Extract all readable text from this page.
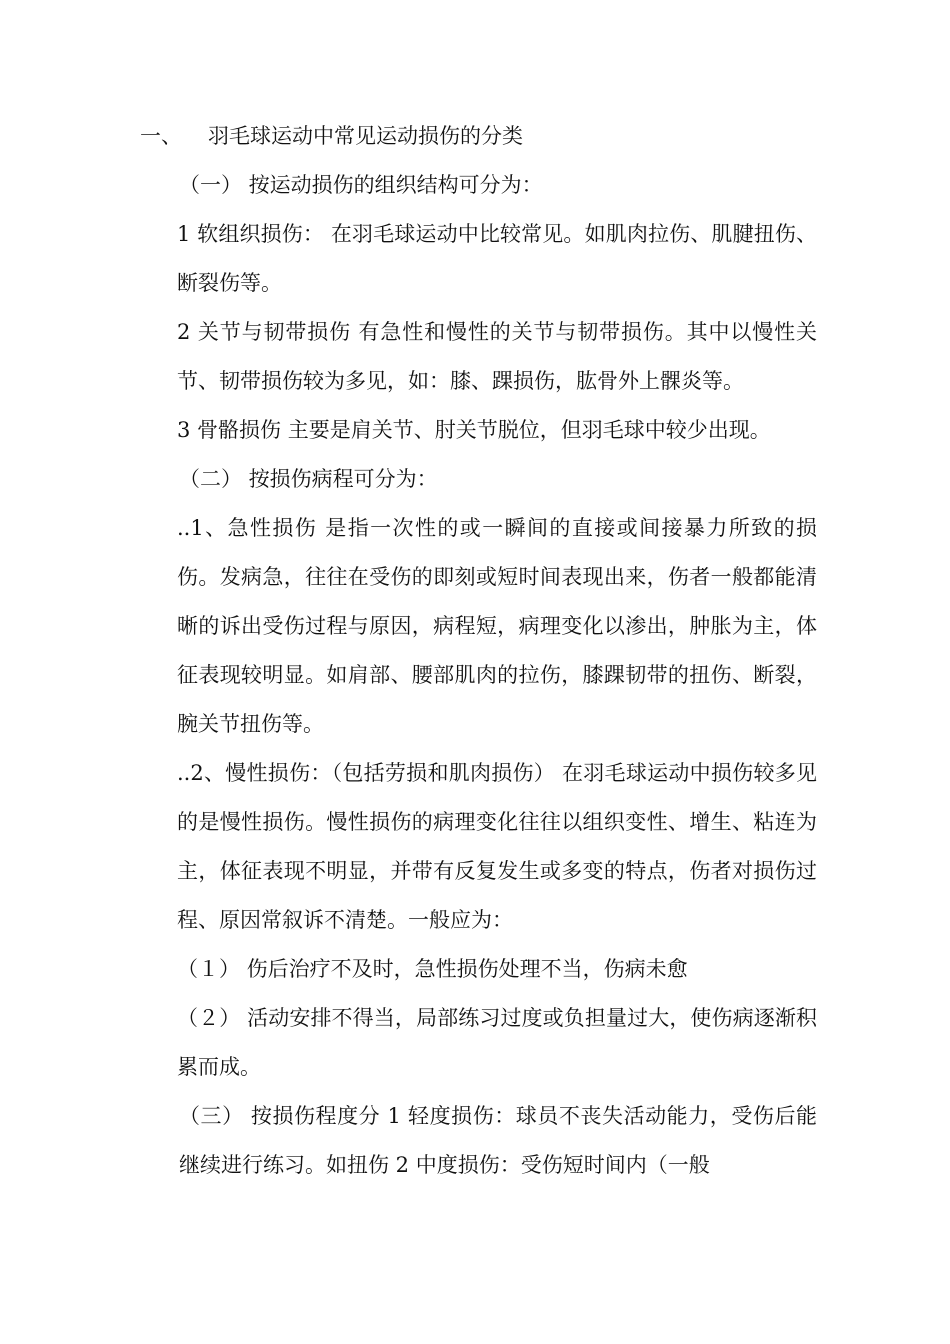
一、 羽毛球运动中常见运动损伤的分类

（一） 按运动损伤的组织结构可分为：

1 软组织损伤： 在羽毛球运动中比较常见。如肌肉拉伤、肌腱扭伤、断裂伤等。

2 关节与韧带损伤 有急性和慢性的关节与韧带损伤。其中以慢性关节、韧带损伤较为多见，如：膝、踝损伤，肱骨外上髁炎等。

3 骨骼损伤 主要是肩关节、肘关节脱位，但羽毛球中较少出现。

（二） 按损伤病程可分为：

..1、急性损伤 是指一次性的或一瞬间的直接或间接暴力所致的损伤。发病急，往往在受伤的即刻或短时间表现出来，伤者一般都能清晰的诉出受伤过程与原因，病程短，病理变化以渗出，肿胀为主，体征表现较明显。如肩部、腰部肌肉的拉伤，膝踝韧带的扭伤、断裂，腕关节扭伤等。

..2、慢性损伤：（包括劳损和肌肉损伤） 在羽毛球运动中损伤较多见的是慢性损伤。慢性损伤的病理变化往往以组织变性、增生、粘连为主，体征表现不明显，并带有反复发生或多变的特点，伤者对损伤过程、原因常叙诉不清楚。一般应为：

（１） 伤后治疗不及时，急性损伤处理不当，伤病未愈

（２） 活动安排不得当，局部练习过度或负担量过大，使伤病逐渐积累而成。

（三） 按损伤程度分 1 轻度损伤：球员不丧失活动能力，受伤后能继续进行练习。如扭伤 2 中度损伤：受伤短时间内（一般
